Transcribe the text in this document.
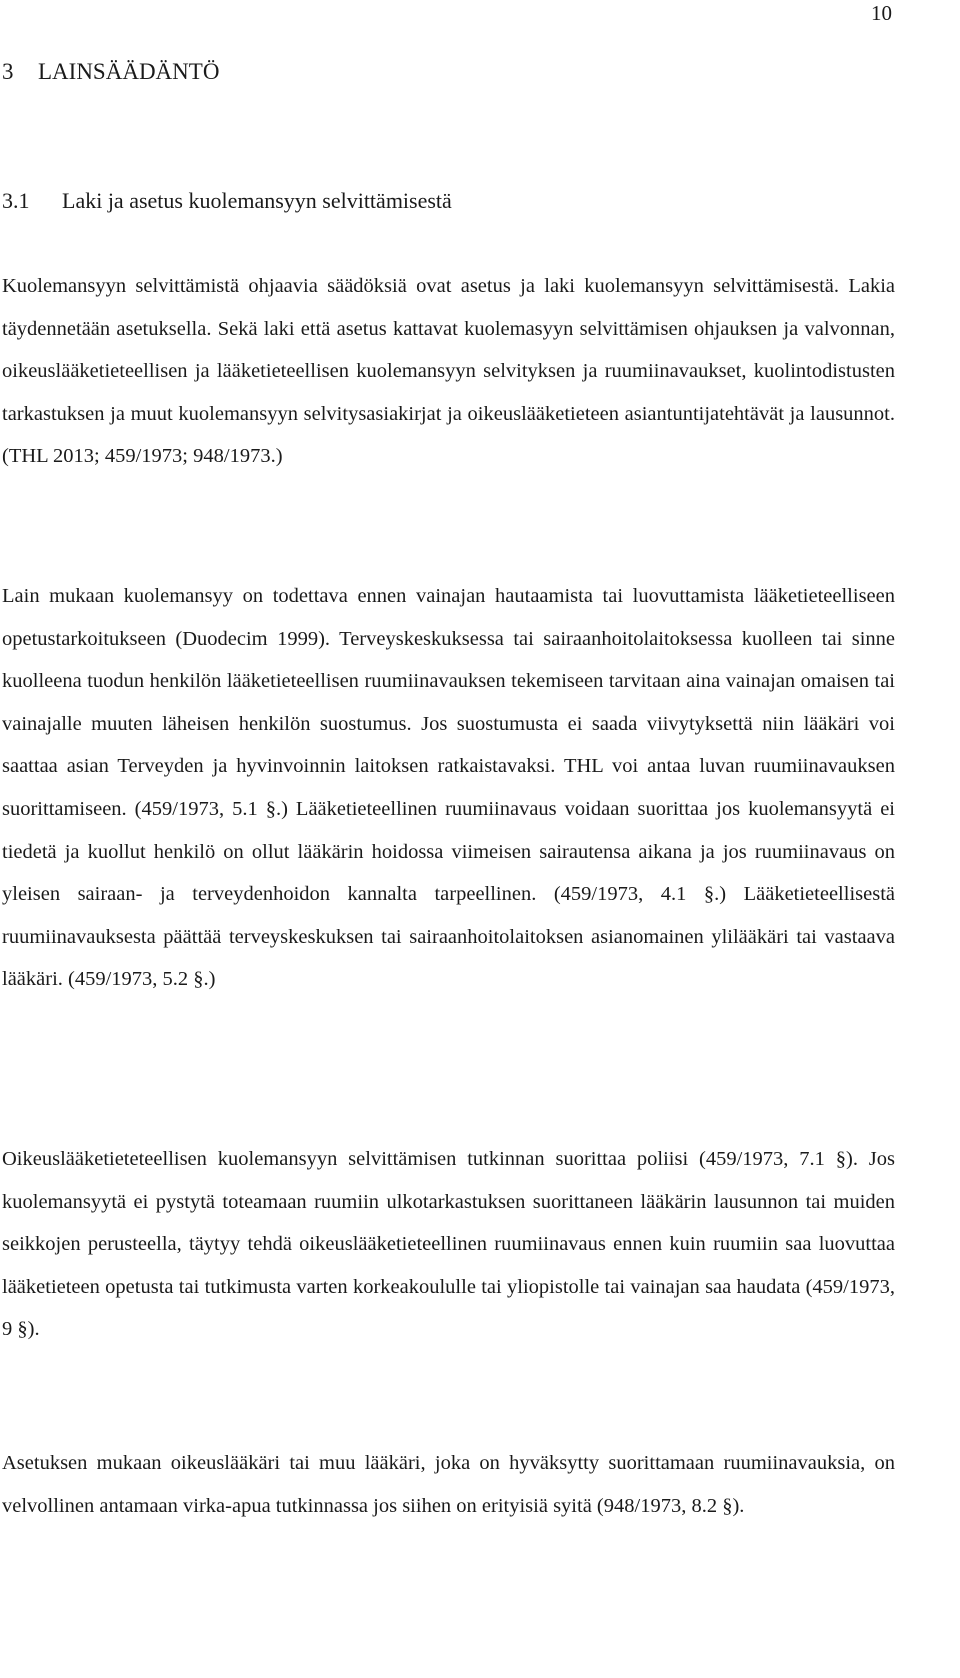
10
3 LAINSÄÄDÄNTÖ
3.1 Laki ja asetus kuolemansyyn selvittämisestä

Kuolemansyyn selvittämistä ohjaavia säädöksiä ovat asetus ja laki kuolemansyyn selvittämisestä. Lakia täydennetään asetuksella. Sekä laki että asetus kattavat kuolemasyyn selvittämisen ohjauksen ja valvonnan, oikeuslääketieteellisen ja lääketieteellisen kuolemansyyn selvityksen ja ruumiinavaukset, kuolintodistusten tarkastuksen ja muut kuolemansyyn selvitysasiakirjat ja oikeuslääketieteen asiantuntijatehtävät ja lausunnot. (THL 2013; 459/1973; 948/1973.)

Lain mukaan kuolemansyy on todettava ennen vainajan hautaamista tai luovuttamista lääketieteelliseen opetustarkoitukseen (Duodecim 1999). Terveyskeskuksessa tai sairaanhoitolaitoksessa kuolleen tai sinne kuolleena tuodun henkilön lääketieteellisen ruumiinavauksen tekemiseen tarvitaan aina vainajan omaisen tai vainajalle muuten läheisen henkilön suostumus. Jos suostumusta ei saada viivytyksettä niin lääkäri voi saattaa asian Terveyden ja hyvinvoinnin laitoksen ratkaistavaksi. THL voi antaa luvan ruumiinavauksen suorittamiseen. (459/1973, 5.1 §.) Lääketieteellinen ruumiinavaus voidaan suorittaa jos kuolemansyytä ei tiedetä ja kuollut henkilö on ollut lääkärin hoidossa viimeisen sairautensa aikana ja jos ruumiinavaus on yleisen sairaan- ja terveydenhoidon kannalta tarpeellinen. (459/1973, 4.1 §.) Lääketieteellisestä ruumiinavauksesta päättää terveyskeskuksen tai sairaanhoitolaitoksen asianomainen ylilääkäri tai vastaava lääkäri. (459/1973, 5.2 §.)

Oikeuslääketieteteellisen kuolemansyyn selvittämisen tutkinnan suorittaa poliisi (459/1973, 7.1 §). Jos kuolemansyytä ei pystytä toteamaan ruumiin ulkotarkastuksen suorittaneen lääkärin lausunnon tai muiden seikkojen perusteella, täytyy tehdä oikeuslääketieteellinen ruumiinavaus ennen kuin ruumiin saa luovuttaa lääketieteen opetusta tai tutkimusta varten korkeakoululle tai yliopistolle tai vainajan saa haudata (459/1973, 9 §).

Asetuksen mukaan oikeuslääkäri tai muu lääkäri, joka on hyväksytty suorittamaan ruumiinavauksia, on velvollinen antamaan virka-apua tutkinnassa jos siihen on erityisiä syitä (948/1973, 8.2 §).
